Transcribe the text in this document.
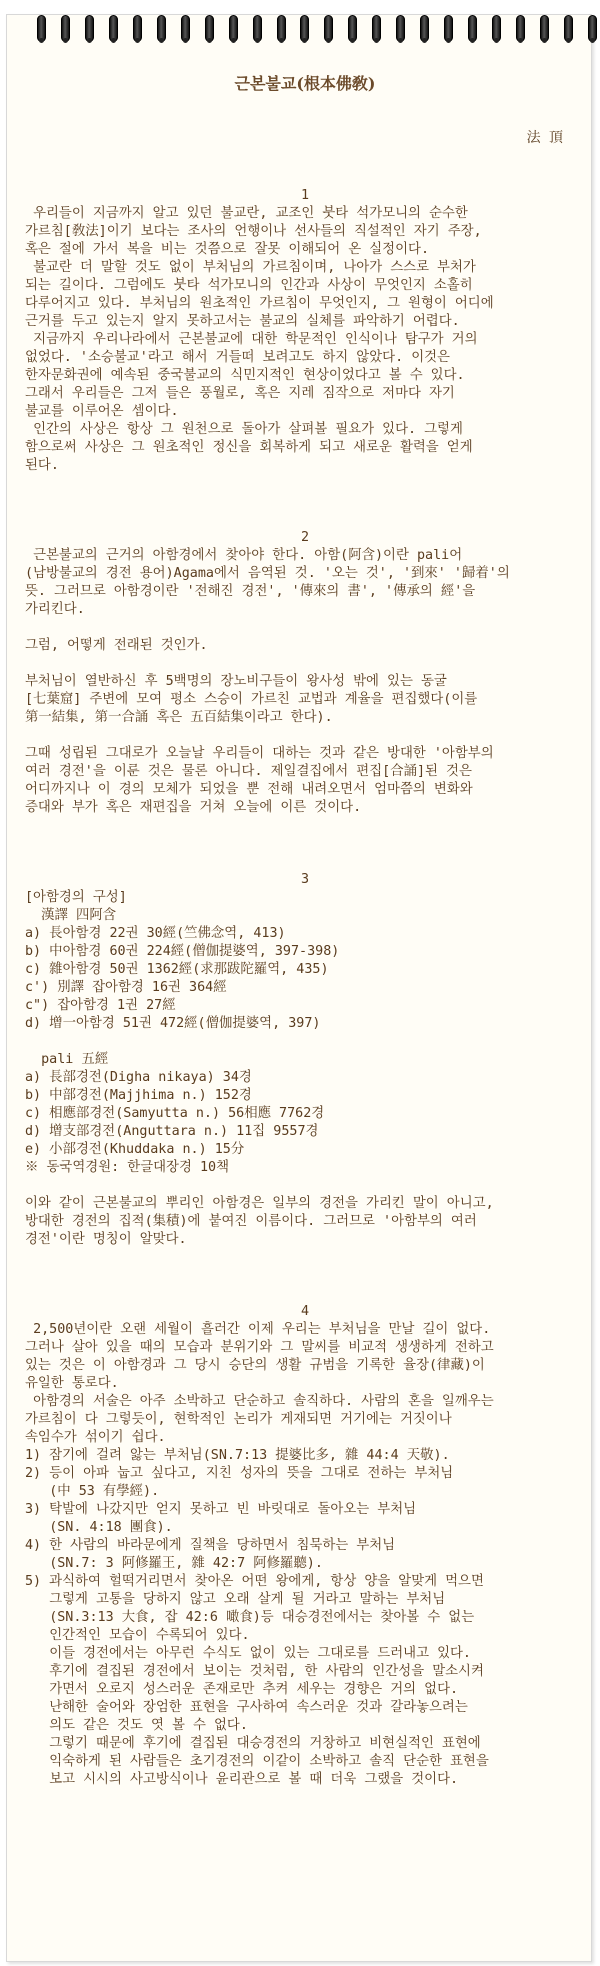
근본불교(根本佛敎)
法 頂

1

우리들이 지금까지 알고 있던 불교란, 교조인 붓타 석가모니의 순수한

가르침[敎法]이기 보다는 조사의 언행이나 선사들의 직설적인 자기 주장,

혹은 절에 가서 복을 비는 것쯤으로 잘못 이해되어 온 실정이다.

불교란 더 말할 것도 없이 부처님의 가르침이며, 나아가 스스로 부처가

되는 길이다. 그럼에도 붓타 석가모니의 인간과 사상이 무엇인지 소홀히

다루어지고 있다. 부처님의 원초적인 가르침이 무엇인지, 그 원형이 어디에

근거를 두고 있는지 알지 못하고서는 불교의 실체를 파악하기 어렵다.

지금까지 우리나라에서 근본불교에 대한 학문적인 인식이나 탐구가 거의

없었다. '소승불교'라고 해서 거들떠 보려고도 하지 않았다. 이것은

한자문화권에 예속된 중국불교의 식민지적인 현상이었다고 볼 수 있다.

그래서 우리들은 그저 들은 풍월로, 혹은 지레 짐작으로 저마다 자기

불교를 이루어온 셈이다.

인간의 사상은 항상 그 원천으로 돌아가 살펴볼 필요가 있다. 그렇게

함으로써 사상은 그 원초적인 정신을 회복하게 되고 새로운 활력을 얻게

된다.

2

근본불교의 근거의 아함경에서 찾아야 한다. 아함(阿含)이란 pali어

(남방불교의 경전 용어)Agama에서 음역된 것. '오는 것', '到來' '歸着'의

뜻. 그러므로 아함경이란 '전해진 경전', '傳來의 書', '傳承의 經'을

가리킨다.

그럼, 어떻게 전래된 것인가.

부처님이 열반하신 후 5백명의 장노비구들이 왕사성 밖에 있는 동굴

[七葉窟] 주변에 모여 평소 스승이 가르친 교법과 계율을 편집했다(이를

第一結集, 第一合誦 혹은 五百結集이라고 한다).

그때 성립된 그대로가 오늘날 우리들이 대하는 것과 같은 방대한 '아함부의

여러 경전'을 이룬 것은 물론 아니다. 제일결집에서 편집[合誦]된 것은

어디까지나 이 경의 모체가 되었을 뿐 전해 내려오면서 엄마쯤의 변화와

증대와 부가 혹은 재편집을 거쳐 오늘에 이른 것이다.

3

[아함경의 구성]

漢譯 四阿含

a) 長아함경 22권 30經(竺佛念역, 413)

b) 中아함경 60권 224經(僧伽提婆역, 397-398)

c) 雜아함경 50권 1362經(求那跋陀羅역, 435)

c') 別譯 잡아함경 16권 364經

c") 잡아함경 1권 27經

d) 增一아함경 51권 472經(僧伽提婆역, 397)

pali 五經

a) 長部경전(Digha nikaya) 34경

b) 中部경전(Majjhima n.) 152경

c) 相應部경전(Samyutta n.) 56相應 7762경

d) 增支部경전(Anguttara n.) 11집 9557경

e) 小部경전(Khuddaka n.) 15分

※ 동국역경원: 한글대장경 10책

이와 같이 근본불교의 뿌리인 아함경은 일부의 경전을 가리킨 말이 아니고,

방대한 경전의 집적(集積)에 붙여진 이름이다. 그러므로 '아함부의 여러

경전'이란 명칭이 알맞다.

4

2,500년이란 오랜 세월이 흘러간 이제 우리는 부처님을 만날 길이 없다.

그러나 살아 있을 때의 모습과 분위기와 그 말씨를 비교적 생생하게 전하고

있는 것은 이 아함경과 그 당시 승단의 생활 규범을 기록한 율장(律藏)이

유일한 통로다.

아함경의 서술은 아주 소박하고 단순하고 솔직하다. 사람의 혼을 일깨우는

가르침이 다 그렇듯이, 현학적인 논리가 게재되면 거기에는 거짓이나

속임수가 섞이기 쉽다.

1) 잠기에 걸려 앓는 부처님(SN.7:13 提婆比多, 雜 44:4 天敬).

2) 등이 아파 눕고 싶다고, 지친 성자의 뜻을 그대로 전하는 부처님

(中 53 有學經).

3) 탁발에 나갔지만 얻지 못하고 빈 바릿대로 돌아오는 부처님

(SN. 4:18 團食).

4) 한 사람의 바라문에게 질책을 당하면서 침묵하는 부처님

(SN.7: 3 阿修羅王, 雜 42:7 阿修羅聽).

5) 과식하여 헐떡거리면서 찾아온 어떤 왕에게, 항상 양을 알맞게 먹으면

그렇게 고통을 당하지 않고 오래 살게 될 거라고 말하는 부처님

(SN.3:13 大食, 잡 42:6 噉食)등 대승경전에서는 찾아볼 수 없는

인간적인 모습이 수록되어 있다.

이들 경전에서는 아무런 수식도 없이 있는 그대로를 드러내고 있다.

후기에 결집된 경전에서 보이는 것처럼, 한 사람의 인간성을 말소시켜

가면서 오로지 성스러운 존재로만 추켜 세우는 경향은 거의 없다.

난해한 술어와 장엄한 표현을 구사하여 속스러운 것과 갈라놓으려는

의도 같은 것도 엿 볼 수 없다.

그렇기 때문에 후기에 결집된 대승경전의 거창하고 비현실적인 표현에

익숙하게 된 사람들은 초기경전의 이같이 소박하고 솔직 단순한 표현을

보고 시시의 사고방식이나 윤리관으로 볼 때 더욱 그랬을 것이다.
